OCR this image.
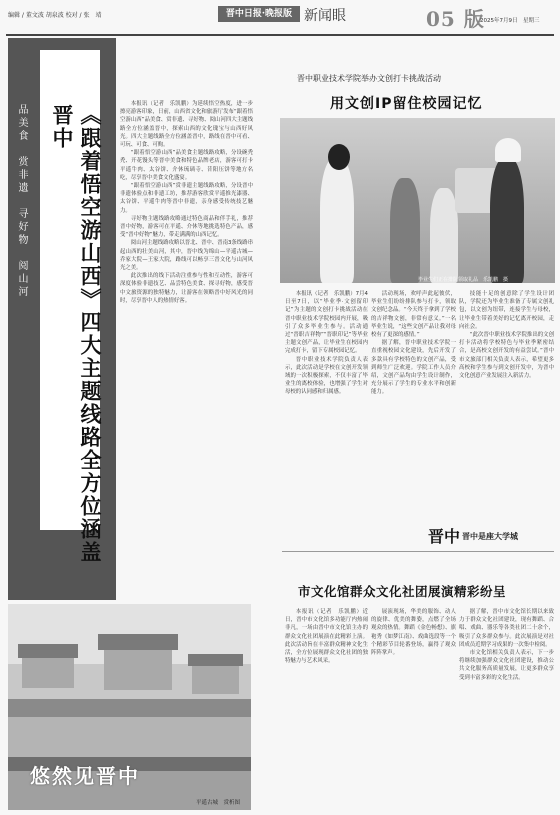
编辑 / 董文波 胡泉波 校对 / 张　靖	晋中日报·晚报版 新闻眼	05 版
2025年7月9日　星期三
《跟着悟空游山西》四大主题线路全方位涵盖晋中
品美食　赏非遗　寻好物　阅山河	本报讯（记者　乐凯鹏）为延续悟空热度，进一步擦亮游客印象，日前，山西省文化和旅游厅发布“跟着悟空游山西”品美食、赏非遗、寻好物、阅山河四大主题线路全方位涵盖晋中，探索山西的文化瑰宝与山西好风光。四大主题线路全方位涵盖晋中，路线在晋中可看、可玩、可食、可购。

“跟着悟空游山西”品美食主题线路攻略，分设碗秃秃、开花馒头等晋中美食和特色品牌老店，游客可打卡平遥牛肉、太谷饼、介休琉璃寺、昔阳压饼等地方名吃，尽享晋中美食文化盛宴。

“跟着悟空游山西”赏非遗主题线路攻略，分设晋中非遗体验点和非遗工坊，推荐游客欣赏平遥推光漆器、太谷饼、平遥牛肉等晋中非遗，亲身感受传统技艺魅力。

寻好物主题线路攻略通过特色商品和伴手礼，推荐晋中好物，游客可在平遥、介休等地挑选特色产品，感受“晋中好物”魅力，带走满满的山西记忆。

阅山河主题线路攻略以晋北、晋中、晋南3条线路串起山西的壮美山河，其中，晋中线为绵山—平遥古城—乔家大院—王家大院，路线可以畅享三晋文化与山河风光之美。

此次推出的线下活动注重参与性和互动性，游客可深度体验非遗技艺、品尝特色美食、探寻好物，感受晋中文旅资源的独特魅力，让游客在领略晋中好风光的同时，尽享晋中人的热情好客。

悠然见晋中
平遥古城　赏析图
晋中职业技术学院举办文创打卡挑战活动
用文创IP留住校园记忆
毕业生们正在排队领取礼品　乐凯鹏　摄

本报讯（记者　乐凯鹏）7月4日至7日，以“毕业季·文创留印记”为主题的文创打卡挑战活动在晋中职业技术学院校园内开展，吸引了众多毕业生参与。活动通过“晋职吉祥物”“晋职印记”等毕业主题文创产品，让毕业生在校园内完成打卡，留下专属校园记忆。

晋中职业技术学院负责人表示，此次活动是学校在文创开发领域的一次积极探索，不仅丰富了毕业生的离校体验，也增强了学生对母校的认同感和归属感。

活动现场，欢呼声此起彼伏，毕业生们纷纷排队参与打卡，领取文创纪念品。“今天终于拿到了学校的吉祥物文创，非常有意义。”一名毕业生说，“这些文创产品让我对母校有了更深的感情。”

据了解，晋中职业技术学院一直重视校园文化建设，先后开发了多款具有学校特色的文创产品，受到师生广泛欢迎。学院工作人员介绍，文创产品均由学生设计制作，充分展示了学生的专业水平和创新能力。

技能十足的创意除了学生设计团队，学院还为毕业生准备了专属文创礼包，以文创为纽带，连接学生与母校，让毕业生带着美好的记忆离开校园，走向社会。

“此次晋中职业技术学院推出的文创打卡活动将学校特色与毕业季紧密结合，是高校文创开发的有益尝试。”晋中市文旅部门相关负责人表示，希望更多高校和学生参与到文创开发中，为晋中文化创意产业发展注入新活力。

晋中 晋中是座大学城
市文化馆群众文化社团展演精彩纷呈

本报讯（记者　乐凯鹏）近日，晋中市文化馆多功能厅内热闹非凡，一场由晋中市文化馆主办的群众文化社团展演在此精彩上演。此次活动旨在丰富群众精神文化生活，全方位展现群众文化社团的独特魅力与艺术风采。

展演现场，华美的服饰、动人的旋律、优美的舞姿，点燃了全场观众的热情。舞蹈《金色畅想》、旗袍秀《如梦江南》、戏曲选段等一个个精彩节目轮番登场，赢得了观众阵阵掌声。

据了解，晋中市文化馆长期以来致力于群众文化社团建设，现有舞蹈、合唱、戏曲、器乐等各类社团二十余个，吸引了众多群众参与。此次展演是对社团成员近期学习成果的一次集中检阅。

市文化馆相关负责人表示，下一步将继续加强群众文化社团建设，推动公共文化服务高质量发展，让更多群众享受到丰富多彩的文化生活。
